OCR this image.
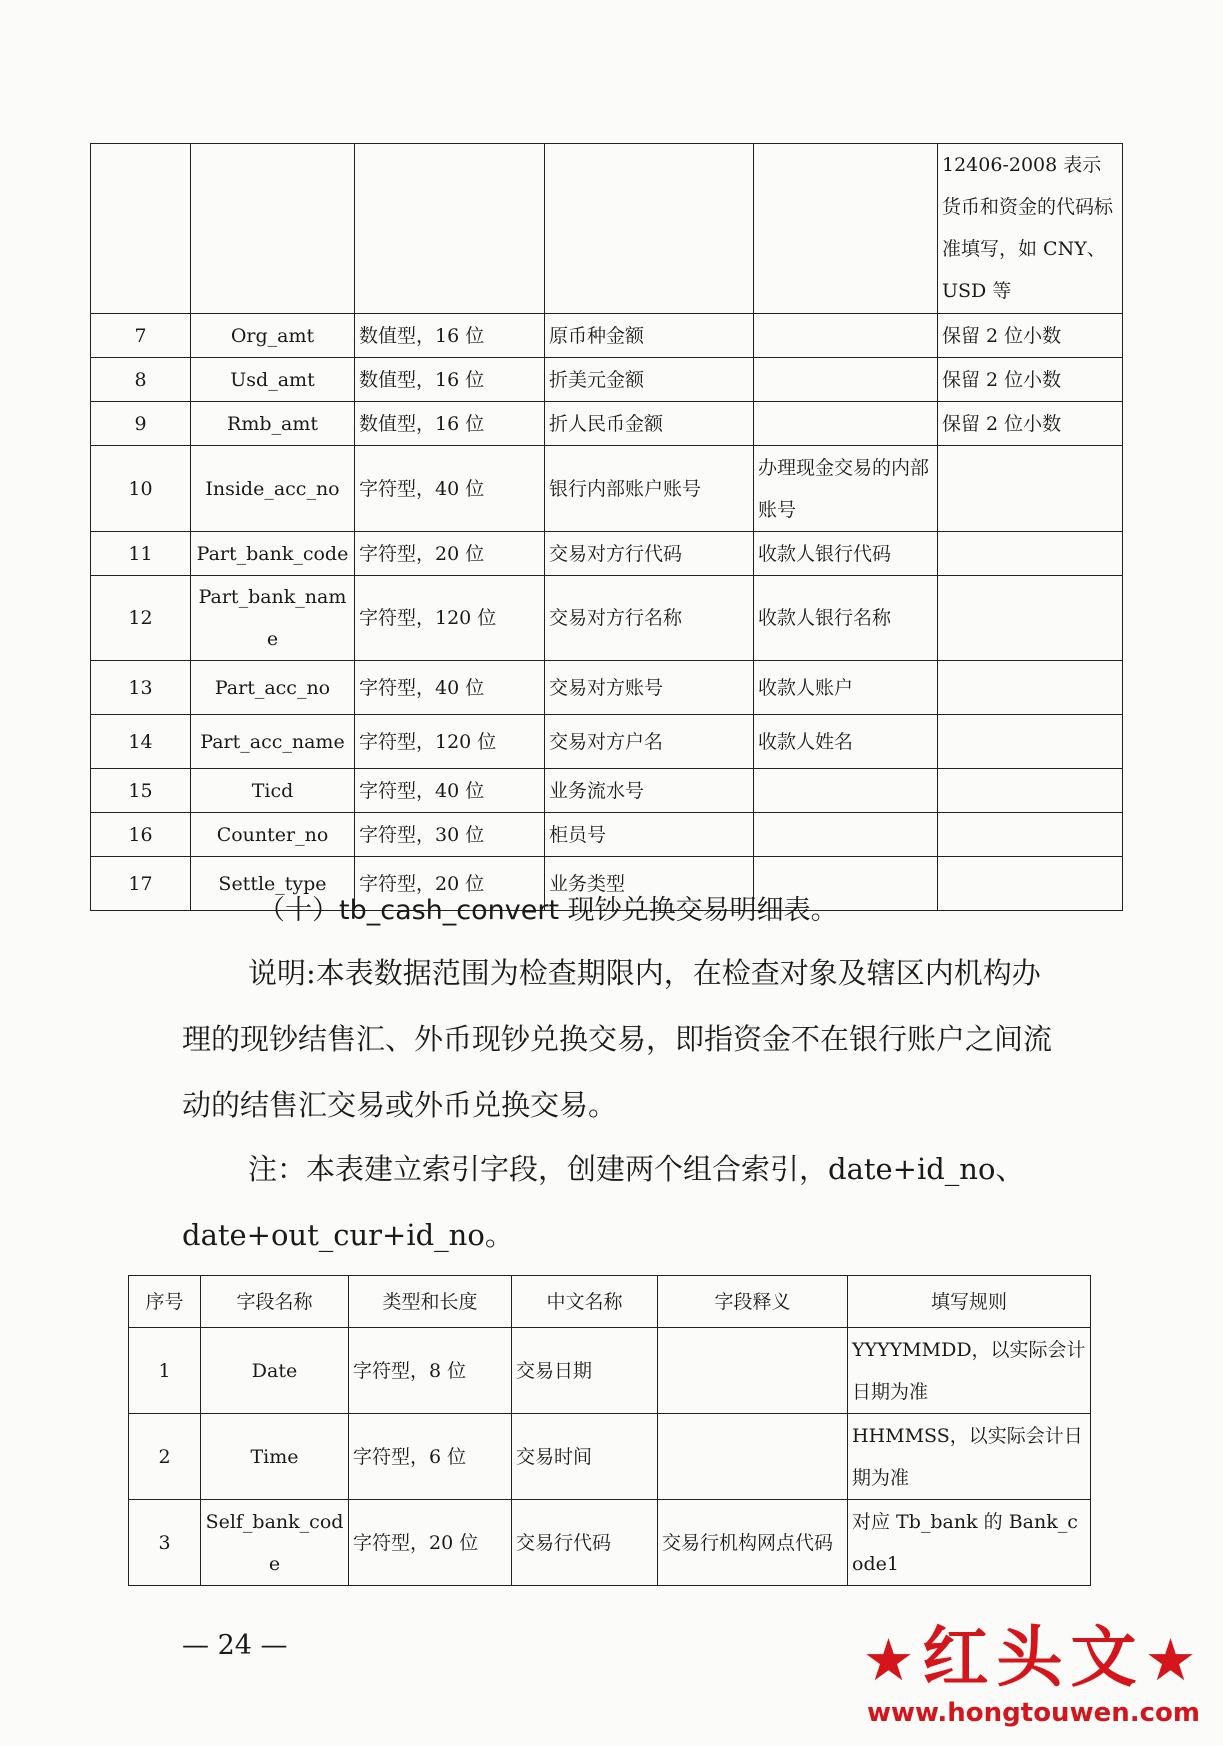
					12406-2008 表示货币和资金的代码标准填写，如 CNY、USD 等
7	Org_amt	数值型，16 位	原币种金额		保留 2 位小数
8	Usd_amt	数值型，16 位	折美元金额		保留 2 位小数
9	Rmb_amt	数值型，16 位	折人民币金额		保留 2 位小数
10	Inside_acc_no	字符型，40 位	银行内部账户账号	办理现金交易的内部账号	
11	Part_bank_code	字符型，20 位	交易对方行代码	收款人银行代码	
12	Part_bank_name	字符型，120 位	交易对方行名称	收款人银行名称	
13	Part_acc_no	字符型，40 位	交易对方账号	收款人账户	
14	Part_acc_name	字符型，120 位	交易对方户名	收款人姓名	
15	Ticd	字符型，40 位	业务流水号		
16	Counter_no	字符型，30 位	柜员号		
17	Settle_type	字符型，20 位	业务类型		
（十）tb_cash_convert 现钞兑换交易明细表。

说明:本表数据范围为检查期限内，在检查对象及辖区内机构办理的现钞结售汇、外币现钞兑换交易，即指资金不在银行账户之间流动的结售汇交易或外币兑换交易。

注：本表建立索引字段，创建两个组合索引，date+id_no、date+out_cur+id_no。

序号	字段名称	类型和长度	中文名称	字段释义	填写规则
1	Date	字符型，8 位	交易日期		YYYYMMDD，以实际会计日期为准
2	Time	字符型，6 位	交易时间		HHMMSS，以实际会计日期为准
3	Self_bank_code	字符型，20 位	交易行代码	交易行机构网点代码	对应 Tb_bank 的 Bank_code1
— 24 —	★红头文★
www.hongtouwen.com
